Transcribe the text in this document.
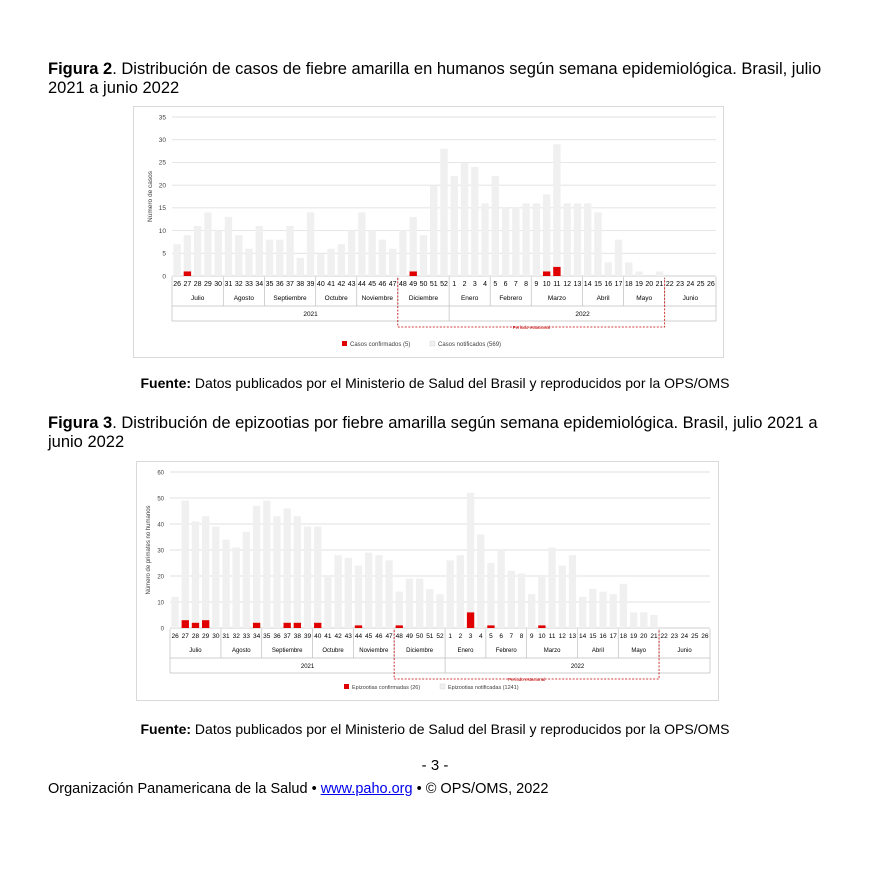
Figura 2. Distribución de casos de fiebre amarilla en humanos según semana epidemiológica. Brasil, julio 2021 a junio 2022
0
5
10
15
20
25
30
35
Número de casos
26 27 28 29 30 31 32 33 34 35 36 37 38 39 40 41 42 43 44 45 46 47 48 49 50 51 52 1 2 3 4 5 6 7 8 9 10 11 12 13 14 15 16 17 18 19 20 21 22 23 24 25 26
Julio	Agosto	Septiembre	Octubre Noviembre Diciembre	Enero	Febrero	Marzo	Abril	Mayo	Junio
2021	2022
Período estacional
Casos confirmados (5)	Casos notificados (569)
Fuente: Datos publicados por el Ministerio de Salud del Brasil y reproducidos por la OPS/OMS
Figura 3. Distribución de epizootias por fiebre amarilla según semana epidemiológica. Brasil, julio 2021 a junio 2022
0
10
20
30
40
50
60
Número de primates no humanos
26 27 28 29 30 31 32 33 34 35 36 37 38 39 40 41 42 43 44 45 46 47 48 49 50 51 52 1 2 3 4 5 6 7 8 9 10 11 12 13 14 15 16 17 18 19 20 21 22 23 24 25 26
Julio	Agosto	Septiembre	Octubre	Noviembre	Diciembre	Enero	Febrero	Marzo	Abril	Mayo	Junio
2021	2022
Período estacional
Epizootias confirmadas (26)	Epizootias notificadas (1241)
Fuente: Datos publicados por el Ministerio de Salud del Brasil y reproducidos por la OPS/OMS
- 3 -
Organización Panamericana de la Salud • www.paho.org • © OPS/OMS, 2022
